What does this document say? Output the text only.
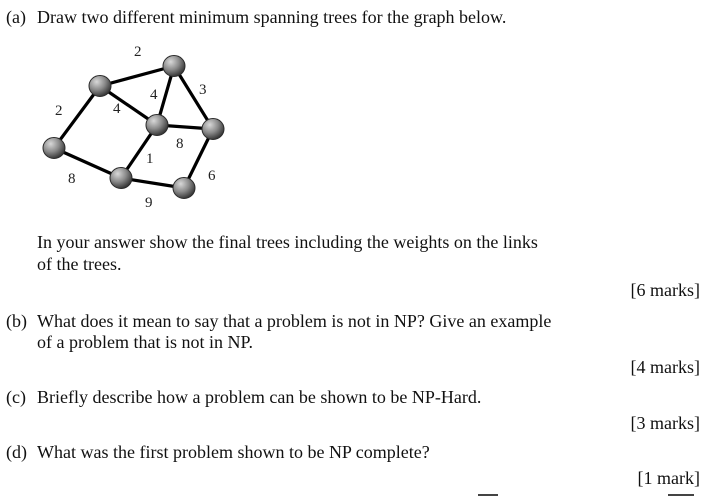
(a) Draw two different minimum spanning trees for the graph below.
2
2	4
4	3
8
1
8
9
6
In your answer show the final trees including the weights on the links
of the trees.
[6 marks]
(b) What does it mean to say that a problem is not in NP? Give an example
of a problem that is not in NP.
[4 marks]
(c) Briefly describe how a problem can be shown to be NP-Hard.
[3 marks]
(d) What was the first problem shown to be NP complete?
[1 mark]
